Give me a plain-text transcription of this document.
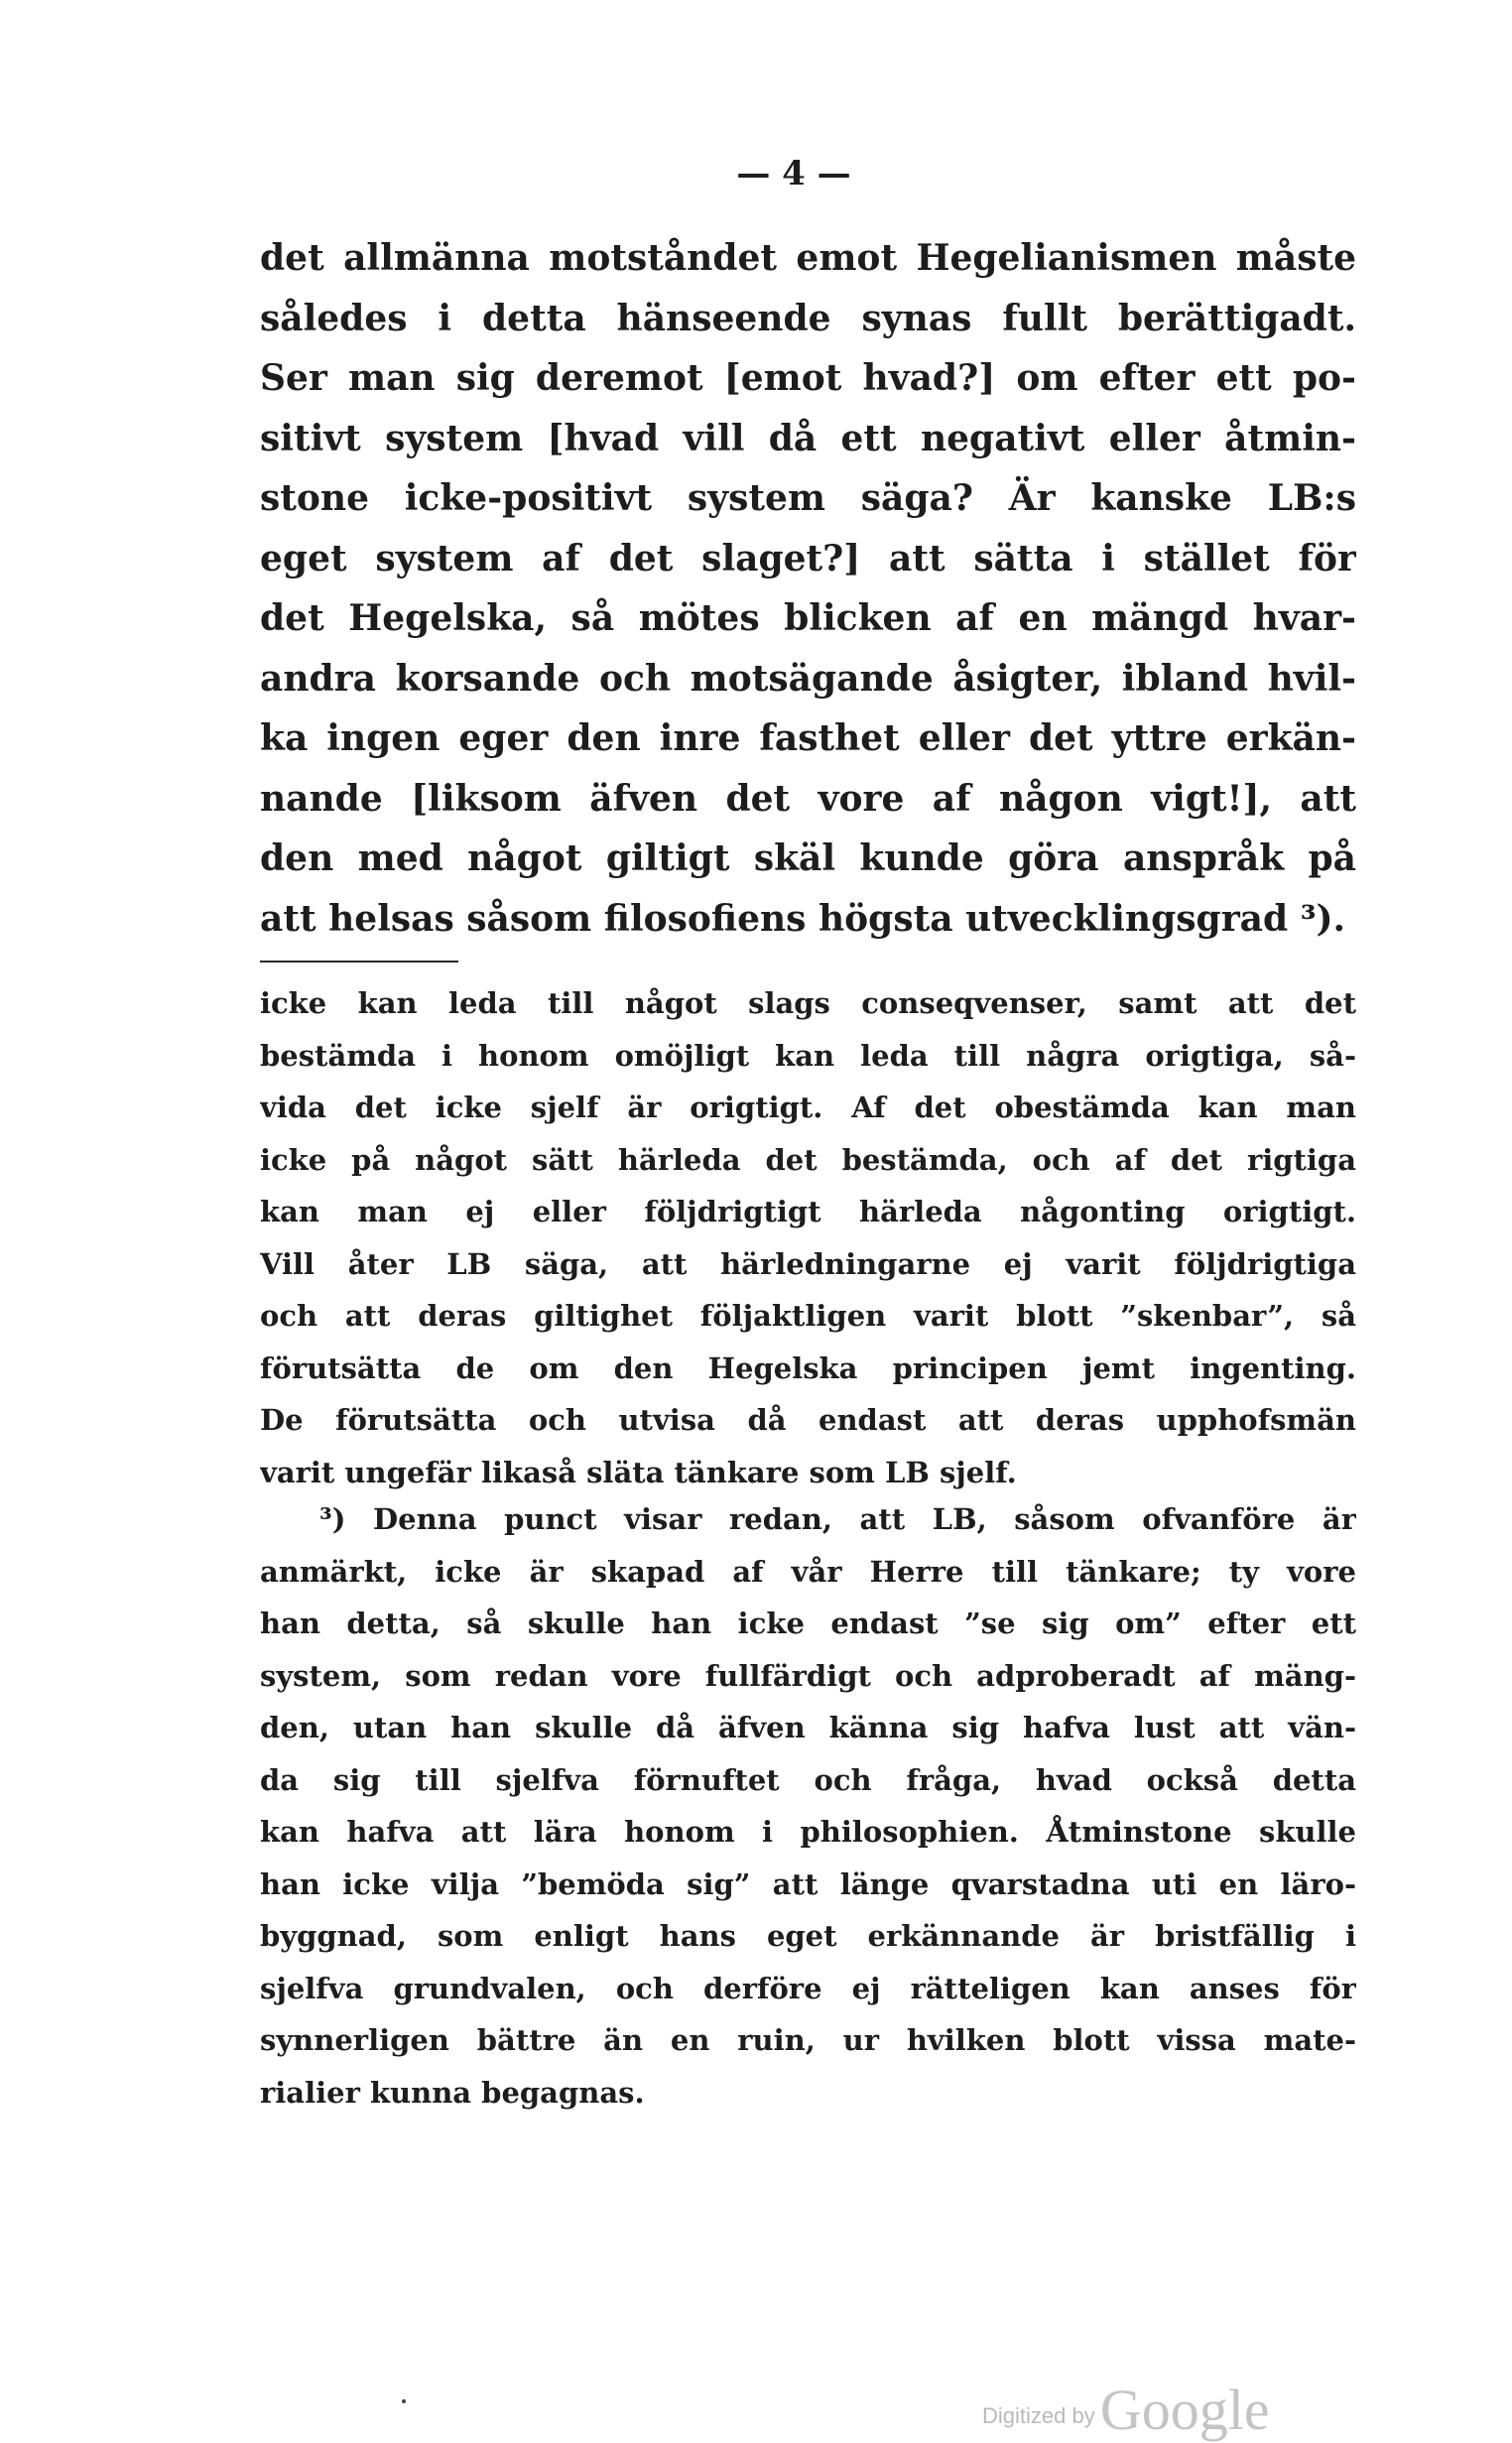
— 4 —
det allmänna motståndet emot Hegelianismen måste
således i detta hänseende synas fullt berättigadt.
Ser man sig deremot [emot hvad?] om efter ett po-
sitivt system [hvad vill då ett negativt eller åtmin-
stone icke-positivt system säga? Är kanske LB:s
eget system af det slaget?] att sätta i stället för
det Hegelska, så mötes blicken af en mängd hvar-
andra korsande och motsägande åsigter, ibland hvil-
ka ingen eger den inre fasthet eller det yttre erkän-
nande [liksom äfven det vore af någon vigt!], att
den med något giltigt skäl kunde göra anspråk på
att helsas såsom filosofiens högsta utvecklingsgrad ³).
icke kan leda till något slags conseqvenser, samt att det
bestämda i honom omöjligt kan leda till några origtiga, så-
vida det icke sjelf är origtigt. Af det obestämda kan man
icke på något sätt härleda det bestämda, och af det rigtiga
kan man ej eller följdrigtigt härleda någonting origtigt.
Vill åter LB säga, att härledningarne ej varit följdrigtiga
och att deras giltighet följaktligen varit blott ”skenbar”, så
förutsätta de om den Hegelska principen jemt ingenting.
De förutsätta och utvisa då endast att deras upphofsmän
varit ungefär likaså släta tänkare som LB sjelf.
³) Denna punct visar redan, att LB, såsom ofvanföre är
anmärkt, icke är skapad af vår Herre till tänkare; ty vore
han detta, så skulle han icke endast ”se sig om” efter ett
system, som redan vore fullfärdigt och adproberadt af mäng-
den, utan han skulle då äfven känna sig hafva lust att vän-
da sig till sjelfva förnuftet och fråga, hvad också detta
kan hafva att lära honom i philosophien. Åtminstone skulle
han icke vilja ”bemöda sig” att länge qvarstadna uti en läro-
byggnad, som enligt hans eget erkännande är bristfällig i
sjelfva grundvalen, och derföre ej rätteligen kan anses för
synnerligen bättre än en ruin, ur hvilken blott vissa mate-
rialier kunna begagnas.
Digitized by Google
